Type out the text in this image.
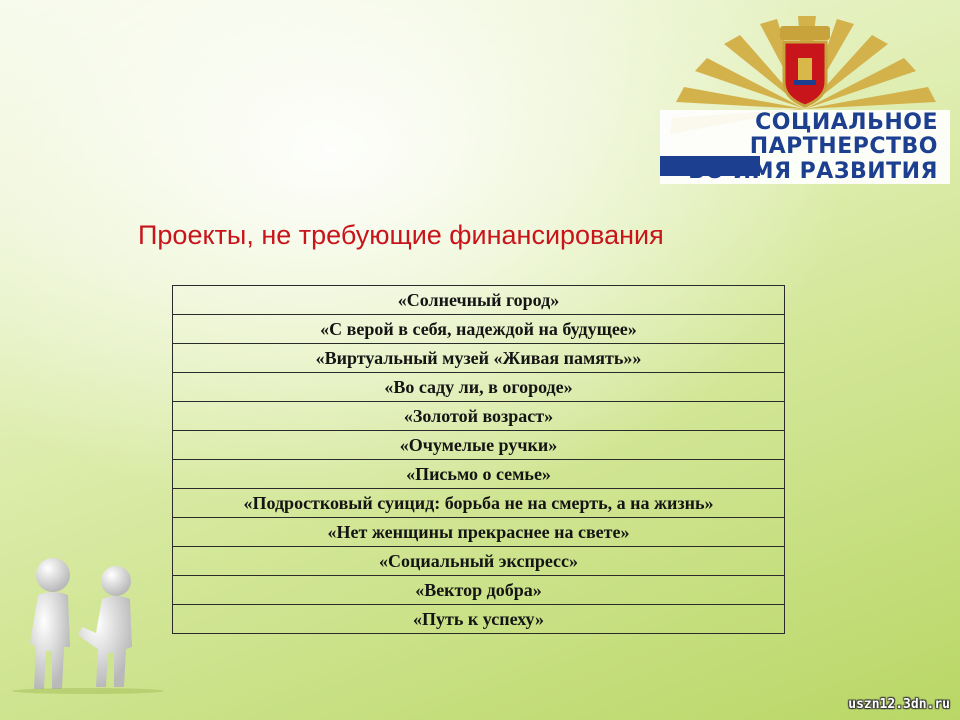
СОЦИАЛЬНОЕ
ПАРТНЕРСТВО
ВО ИМЯ РАЗВИТИЯ
Проекты, не требующие финансирования
«Солнечный город»
«С верой в себя, надеждой на будущее»
«Виртуальный музей «Живая память»»
«Во саду ли, в огороде»
«Золотой возраст»
«Очумелые ручки»
«Письмо о семье»
«Подростковый суицид: борьба не на смерть, а на жизнь»
«Нет женщины прекраснее на свете»
«Социальный экспресс»
«Вектор добра»
«Путь к успеху»
uszn12.3dn.ru
